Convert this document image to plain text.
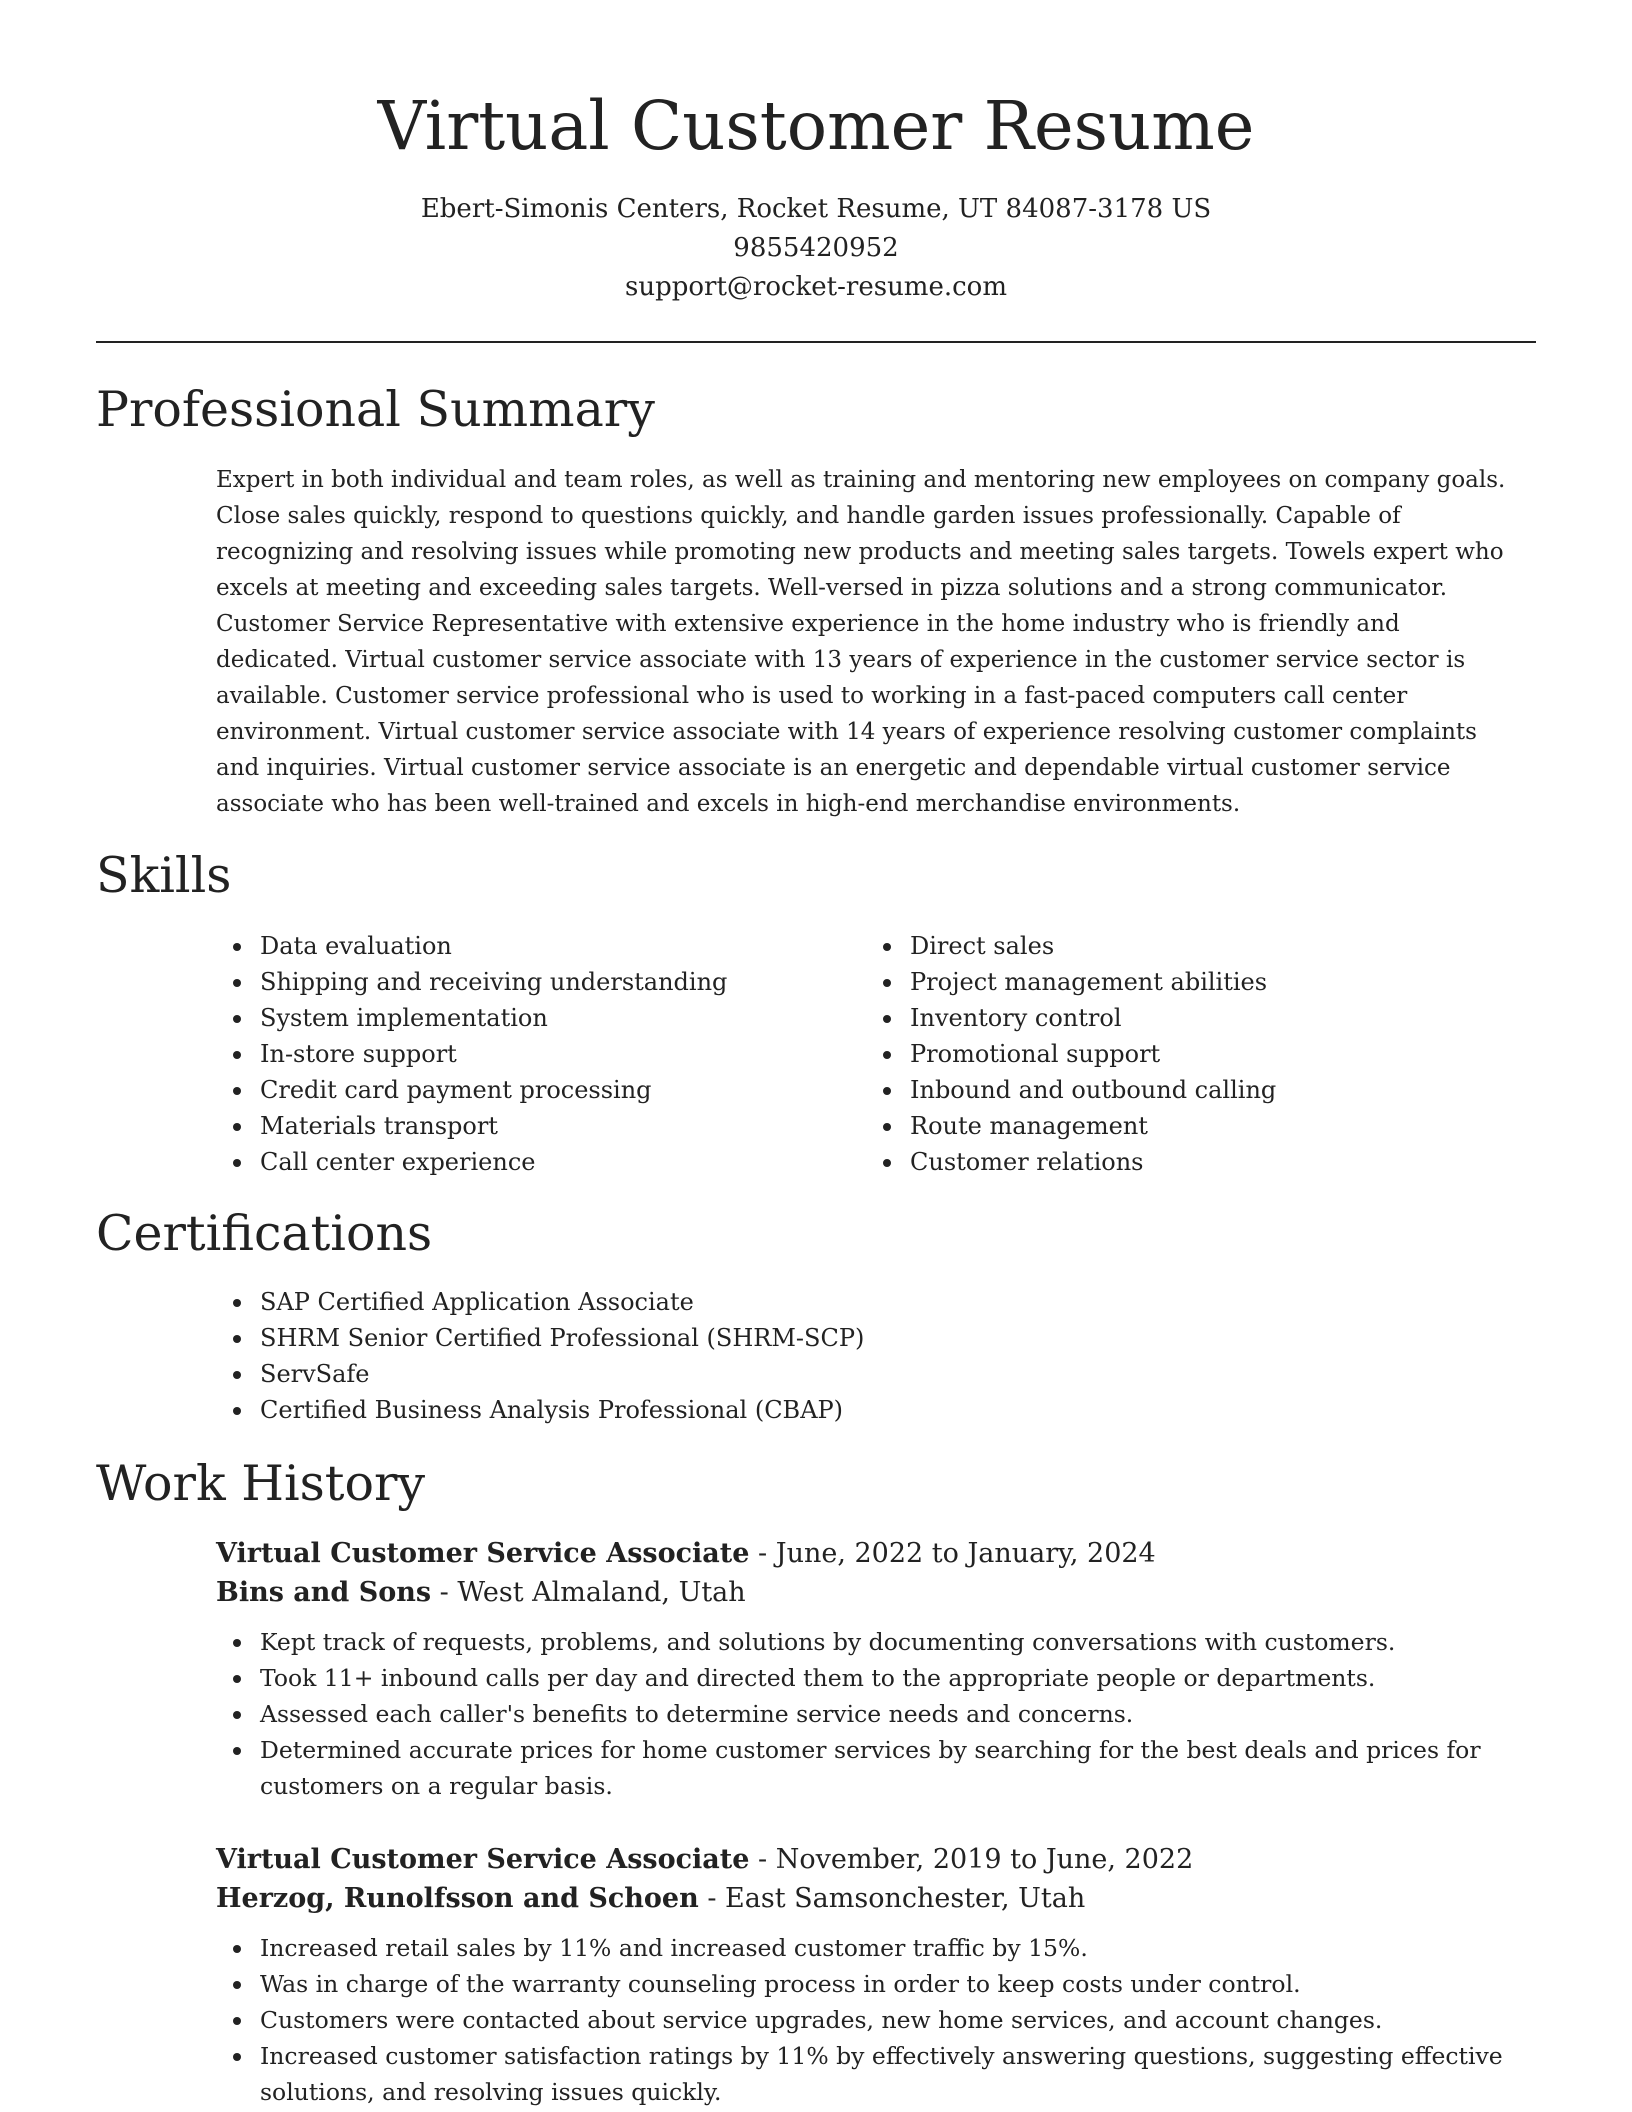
Virtual Customer Resume
Ebert-Simonis Centers, Rocket Resume, UT 84087-3178 US
9855420952
support@rocket-resume.com
Professional Summary

Expert in both individual and team roles, as well as training and mentoring new employees on company goals. Close sales quickly, respond to questions quickly, and handle garden issues professionally. Capable of recognizing and resolving issues while promoting new products and meeting sales targets. Towels expert who excels at meeting and exceeding sales targets. Well-versed in pizza solutions and a strong communicator. Customer Service Representative with extensive experience in the home industry who is friendly and dedicated. Virtual customer service associate with 13 years of experience in the customer service sector is available. Customer service professional who is used to working in a fast-paced computers call center environment. Virtual customer service associate with 14 years of experience resolving customer complaints and inquiries. Virtual customer service associate is an energetic and dependable virtual customer service associate who has been well-trained and excels in high-end merchandise environments.

Skills
Data evaluation
Shipping and receiving understanding
System implementation
In-store support
Credit card payment processing
Materials transport
Call center experience
Direct sales
Project management abilities
Inventory control
Promotional support
Inbound and outbound calling
Route management
Customer relations
Certifications
SAP Certified Application Associate
SHRM Senior Certified Professional (SHRM-SCP)
ServSafe
Certified Business Analysis Professional (CBAP)
Work History
Virtual Customer Service Associate - June, 2022 to January, 2024
Bins and Sons - West Almaland, Utah
Kept track of requests, problems, and solutions by documenting conversations with customers.
Took 11+ inbound calls per day and directed them to the appropriate people or departments.
Assessed each caller's benefits to determine service needs and concerns.
Determined accurate prices for home customer services by searching for the best deals and prices for customers on a regular basis.
Virtual Customer Service Associate - November, 2019 to June, 2022
Herzog, Runolfsson and Schoen - East Samsonchester, Utah
Increased retail sales by 11% and increased customer traffic by 15%.
Was in charge of the warranty counseling process in order to keep costs under control.
Customers were contacted about service upgrades, new home services, and account changes.
Increased customer satisfaction ratings by 11% by effectively answering questions, suggesting effective solutions, and resolving issues quickly.
